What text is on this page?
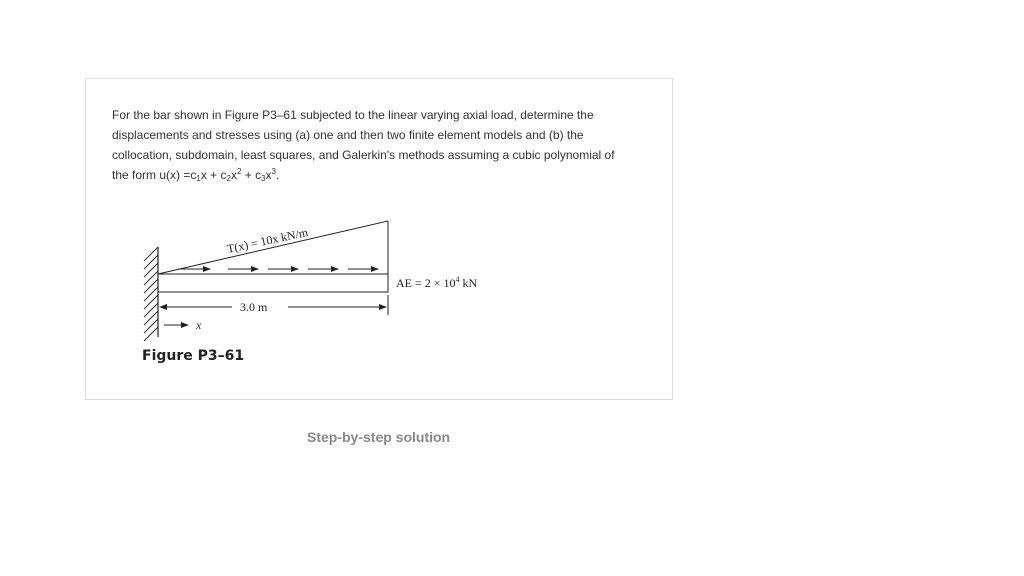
For the bar shown in Figure P3–61 subjected to the linear varying axial load, determine the
displacements and stresses using (a) one and then two finite element models and (b) the
collocation, subdomain, least squares, and Galerkin's methods assuming a cubic polynomial of
the form $u(x) =c_1x + c_2x^2 + c_3x^3$.

T(x) = 10x kN/m
AE = $2 \times 10^4$ kN
3.0 m
x
Figure P3–61
Step-by-step solution
